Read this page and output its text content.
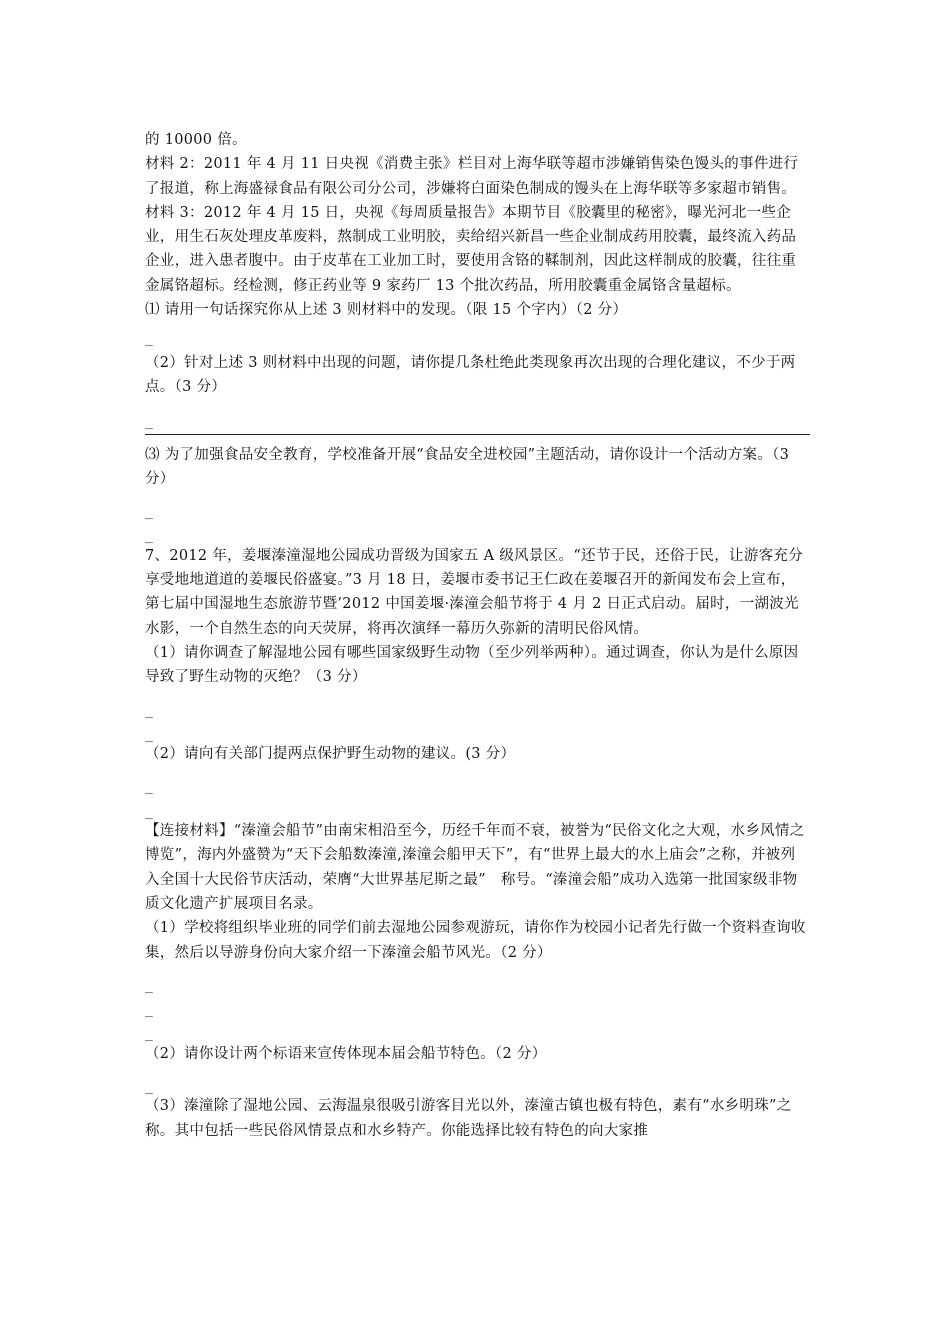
的 10000 倍。

材料 2：2011 年 4 月 11 日央视《消费主张》栏目对上海华联等超市涉嫌销售染色馒头的事件进行了报道，称上海盛禄食品有限公司分公司，涉嫌将白面染色制成的馒头在上海华联等多家超市销售。

材料 3：2012 年 4 月 15 日，央视《每周质量报告》本期节目《胶囊里的秘密》，曝光河北一些企业，用生石灰处理皮革废料，熬制成工业明胶，卖给绍兴新昌一些企业制成药用胶囊，最终流入药品企业，进入患者腹中。由于皮革在工业加工时，要使用含铬的鞣制剂，因此这样制成的胶囊，往往重金属铬超标。经检测，修正药业等 9 家药厂 13 个批次药品，所用胶囊重金属铬含量超标。

⑴ 请用一句话探究你从上述 3 则材料中的发现。（限 15 个字内）（2 分）

_

（2）针对上述 3 则材料中出现的问题，请你提几条杜绝此类现象再次出现的合理化建议，不少于两点。（3 分）

_

⑶ 为了加强食品安全教育，学校准备开展“食品安全进校园”主题活动，请你设计一个活动方案。（3 分）

_

_

7、2012 年，姜堰溱潼湿地公园成功晋级为国家五 A 级风景区。“还节于民，还俗于民，让游客充分享受地地道道的姜堰民俗盛宴。”3 月 18 日，姜堰市委书记王仁政在姜堰召开的新闻发布会上宣布，第七届中国湿地生态旅游节暨’2012 中国姜堰·溱潼会船节将于 4 月 2 日正式启动。届时，一湖波光水影，一个自然生态的向天荧屏，将再次演绎一幕历久弥新的清明民俗风情。

（1）请你调查了解湿地公园有哪些国家级野生动物（至少列举两种）。通过调查，你认为是什么原因导致了野生动物的灭绝？（3 分）

_

_

（2）请向有关部门提两点保护野生动物的建议。(3 分）

_

_

【连接材料】“溱潼会船节”由南宋相沿至今，历经千年而不衰，被誉为“民俗文化之大观，水乡风情之博览”，海内外盛赞为“天下会船数溱潼,溱潼会船甲天下”，有“世界上最大的水上庙会”之称，并被列入全国十大民俗节庆活动，荣膺“大世界基尼斯之最”　称号。“溱潼会船”成功入选第一批国家级非物质文化遗产扩展项目名录。

（1）学校将组织毕业班的同学们前去湿地公园参观游玩，请你作为校园小记者先行做一个资料查询收集，然后以导游身份向大家介绍一下溱潼会船节风光。（2 分）

_

_

_

（2）请你设计两个标语来宣传体现本届会船节特色。（2 分）

_

（3）溱潼除了湿地公园、云海温泉很吸引游客目光以外，溱潼古镇也极有特色，素有“水乡明珠”之称。其中包括一些民俗风情景点和水乡特产。你能选择比较有特色的向大家推
